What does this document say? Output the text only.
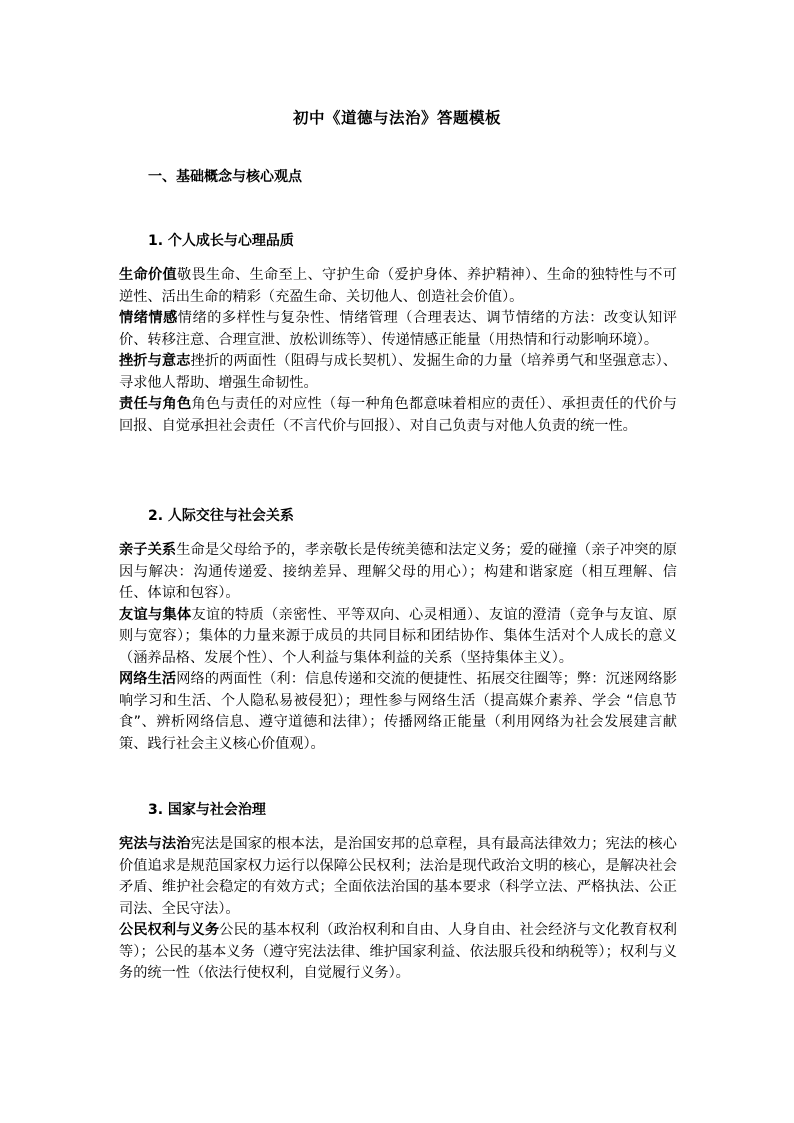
初中《道德与法治》答题模板
一、基础概念与核心观点
1. 个人成长与心理品质

生命价值敬畏生命、生命至上、守护生命（爱护身体、养护精神）、生命的独特性与不可逆性、活出生命的精彩（充盈生命、关切他人、创造社会价值）。

情绪情感情绪的多样性与复杂性、情绪管理（合理表达、调节情绪的方法：改变认知评价、转移注意、合理宣泄、放松训练等）、传递情感正能量（用热情和行动影响环境）。

挫折与意志挫折的两面性（阻碍与成长契机）、发掘生命的力量（培养勇气和坚强意志）、寻求他人帮助、增强生命韧性。

责任与角色角色与责任的对应性（每一种角色都意味着相应的责任）、承担责任的代价与回报、自觉承担社会责任（不言代价与回报）、对自己负责与对他人负责的统一性。

2. 人际交往与社会关系

亲子关系生命是父母给予的，孝亲敬长是传统美德和法定义务；爱的碰撞（亲子冲突的原因与解决：沟通传递爱、接纳差异、理解父母的用心）；构建和谐家庭（相互理解、信任、体谅和包容）。

友谊与集体友谊的特质（亲密性、平等双向、心灵相通）、友谊的澄清（竞争与友谊、原则与宽容）；集体的力量来源于成员的共同目标和团结协作、集体生活对个人成长的意义（涵养品格、发展个性）、个人利益与集体利益的关系（坚持集体主义）。

网络生活网络的两面性（利：信息传递和交流的便捷性、拓展交往圈等；弊：沉迷网络影响学习和生活、个人隐私易被侵犯）；理性参与网络生活（提高媒介素养、学会 “信息节食”、辨析网络信息、遵守道德和法律）；传播网络正能量（利用网络为社会发展建言献策、践行社会主义核心价值观）。

3. 国家与社会治理

宪法与法治宪法是国家的根本法，是治国安邦的总章程，具有最高法律效力；宪法的核心价值追求是规范国家权力运行以保障公民权利；法治是现代政治文明的核心，是解决社会矛盾、维护社会稳定的有效方式；全面依法治国的基本要求（科学立法、严格执法、公正司法、全民守法）。

公民权利与义务公民的基本权利（政治权利和自由、人身自由、社会经济与文化教育权利等）；公民的基本义务（遵守宪法法律、维护国家利益、依法服兵役和纳税等）；权利与义务的统一性（依法行使权利，自觉履行义务）。
